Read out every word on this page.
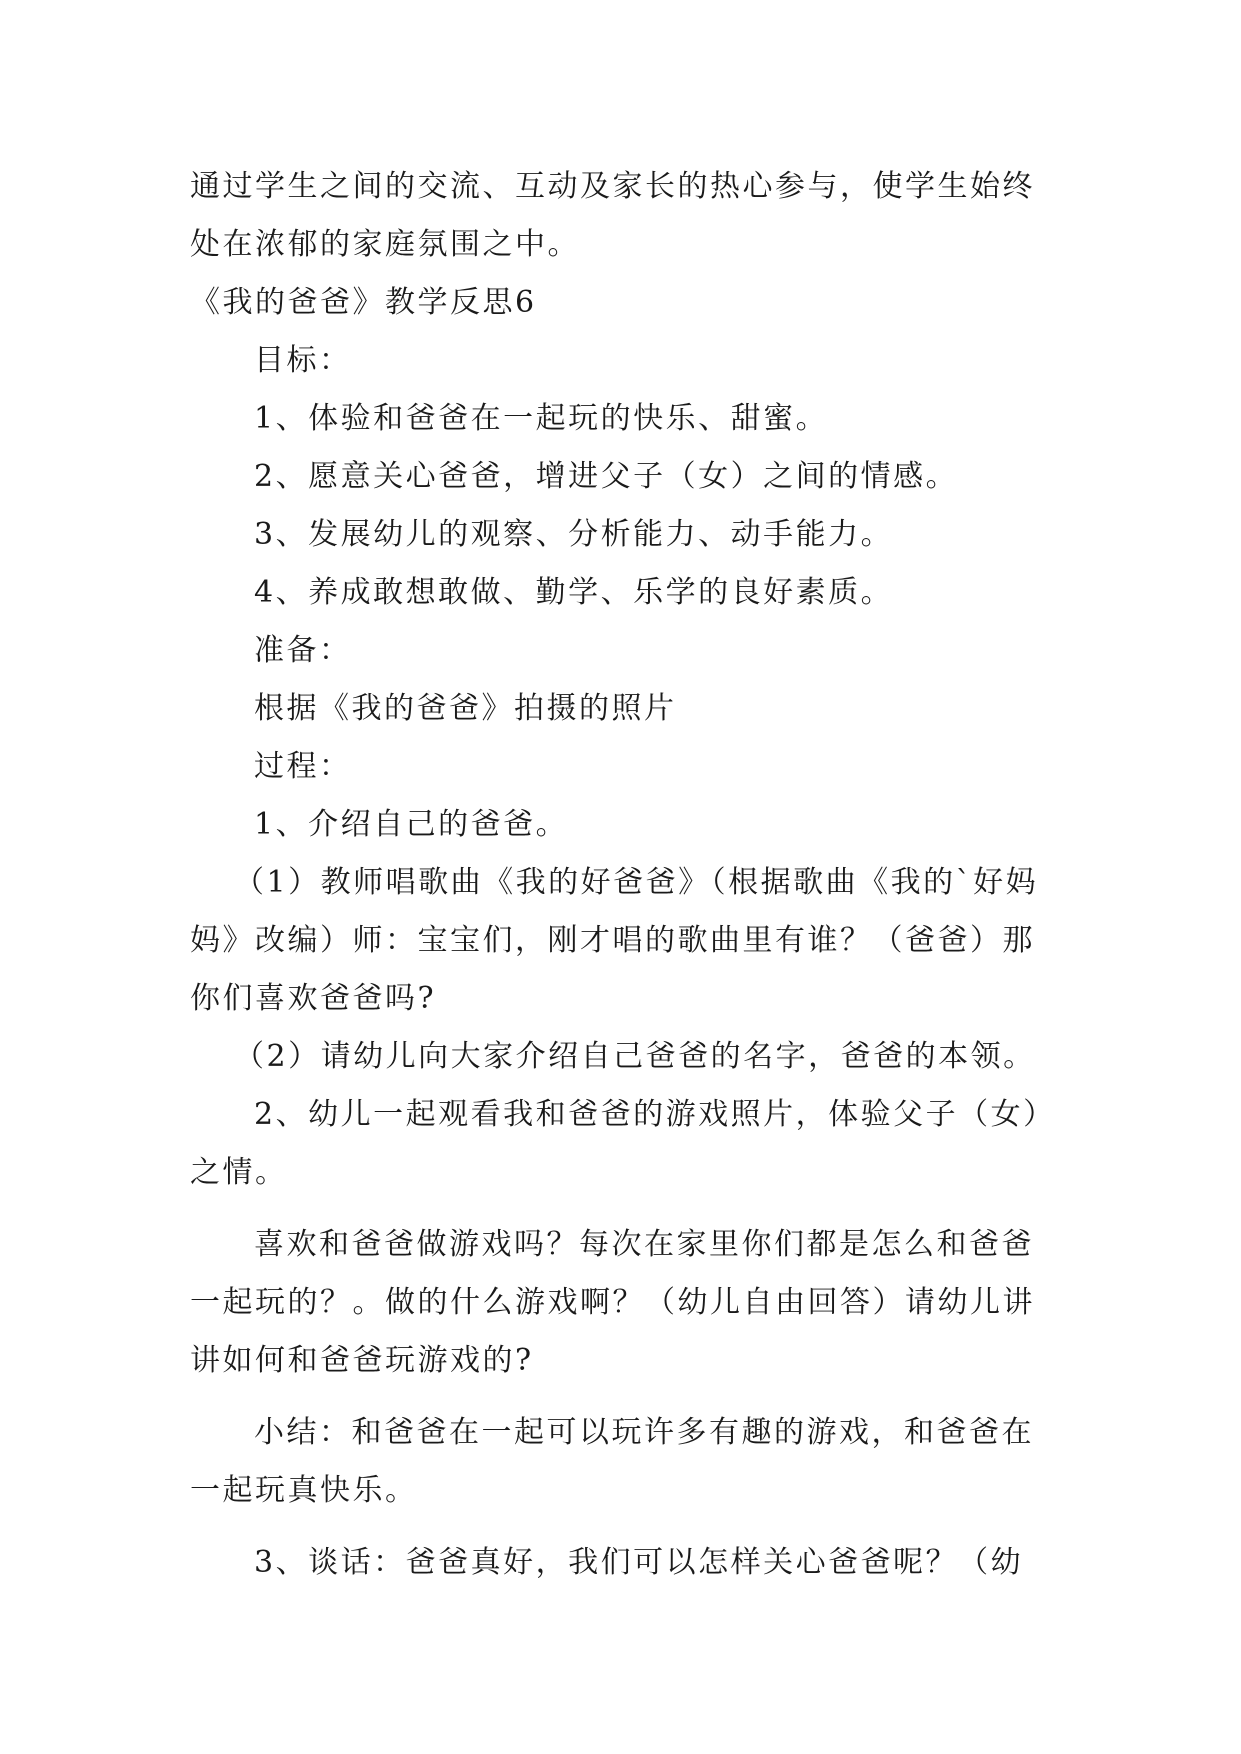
通过学生之间的交流、互动及家长的热心参与，使学生始终处在浓郁的家庭氛围之中。

《我的爸爸》教学反思6

目标：

1、体验和爸爸在一起玩的快乐、甜蜜。

2、愿意关心爸爸，增进父子（女）之间的情感。

3、发展幼儿的观察、分析能力、动手能力。

4、养成敢想敢做、勤学、乐学的良好素质。

准备：

根据《我的爸爸》拍摄的照片

过程：

1、介绍自己的爸爸。

（1）教师唱歌曲《我的好爸爸》（根据歌曲《我的`好妈妈》改编）师：宝宝们，刚才唱的歌曲里有谁？（爸爸）那你们喜欢爸爸吗?

（2）请幼儿向大家介绍自己爸爸的名字，爸爸的本领。

2、幼儿一起观看我和爸爸的游戏照片，体验父子（女）之情。

喜欢和爸爸做游戏吗？每次在家里你们都是怎么和爸爸一起玩的？。做的什么游戏啊？（幼儿自由回答）请幼儿讲讲如何和爸爸玩游戏的?

小结：和爸爸在一起可以玩许多有趣的游戏，和爸爸在一起玩真快乐。

3、谈话：爸爸真好，我们可以怎样关心爸爸呢？（幼
